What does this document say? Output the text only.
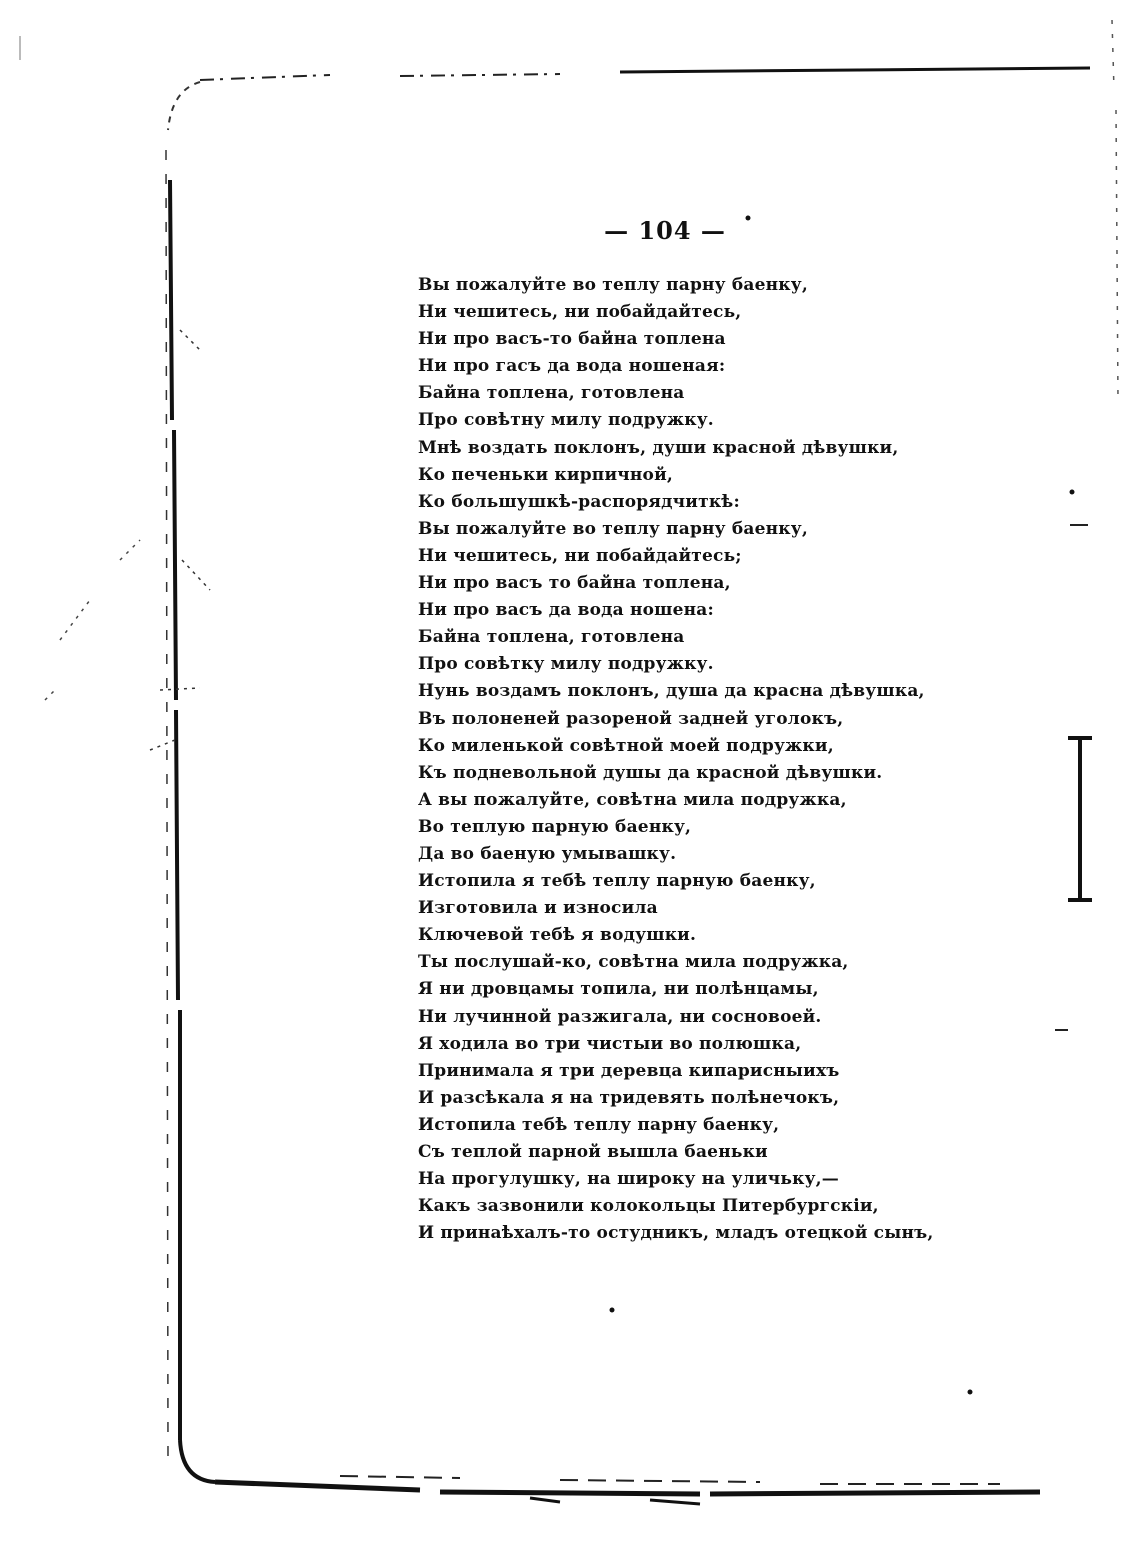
— 104 —
Вы пожалуйте во теплу парну баенку,
Ни чешитесь, ни побайдайтесь,
Ни про васъ-то байна топлена
Ни про гасъ да вода ношеная:
Байна топлена, готовлена
Про совѣтну милу подружку.
Мнѣ воздать поклонъ, души красной дѣвушки,
Ко печеньки кирпичной,
Ко большушкѣ-распорядчиткѣ:
Вы пожалуйте во теплу парну баенку,
Ни чешитесь, ни побайдайтесь;
Ни про васъ то байна топлена,
Ни про васъ да вода ношена:
Байна топлена, готовлена
Про совѣтку милу подружку.
Нунь воздамъ поклонъ, душа да красна дѣвушка,
Въ полоненей разореной задней уголокъ,
Ко миленькой совѣтной моей подружки,
Къ подневольной душы да красной дѣвушки.
А вы пожалуйте, совѣтна мила подружка,
Во теплую парную баенку,
Да во баеную умывашку.
Истопила я тебѣ теплу парную баенку,
Изготовила и износила
Ключевой тебѣ я водушки.
Ты послушай-ко, совѣтна мила подружка,
Я ни дровцамы топила, ни полѣнцамы,
Ни лучинной разжигала, ни сосновоей.
Я ходила во три чистыи во полюшка,
Принимала я три деревца кипарисныихъ
И разсѣкала я на тридевять полѣнечокъ,
Истопила тебѣ теплу парну баенку,
Съ теплой парной вышла баеньки
На прогулушку, на широку на уличьку,—
Какъ зазвонили колокольцы Питербургскіи,
И принаѣхалъ-то остудникъ, младъ отецкой сынъ,
